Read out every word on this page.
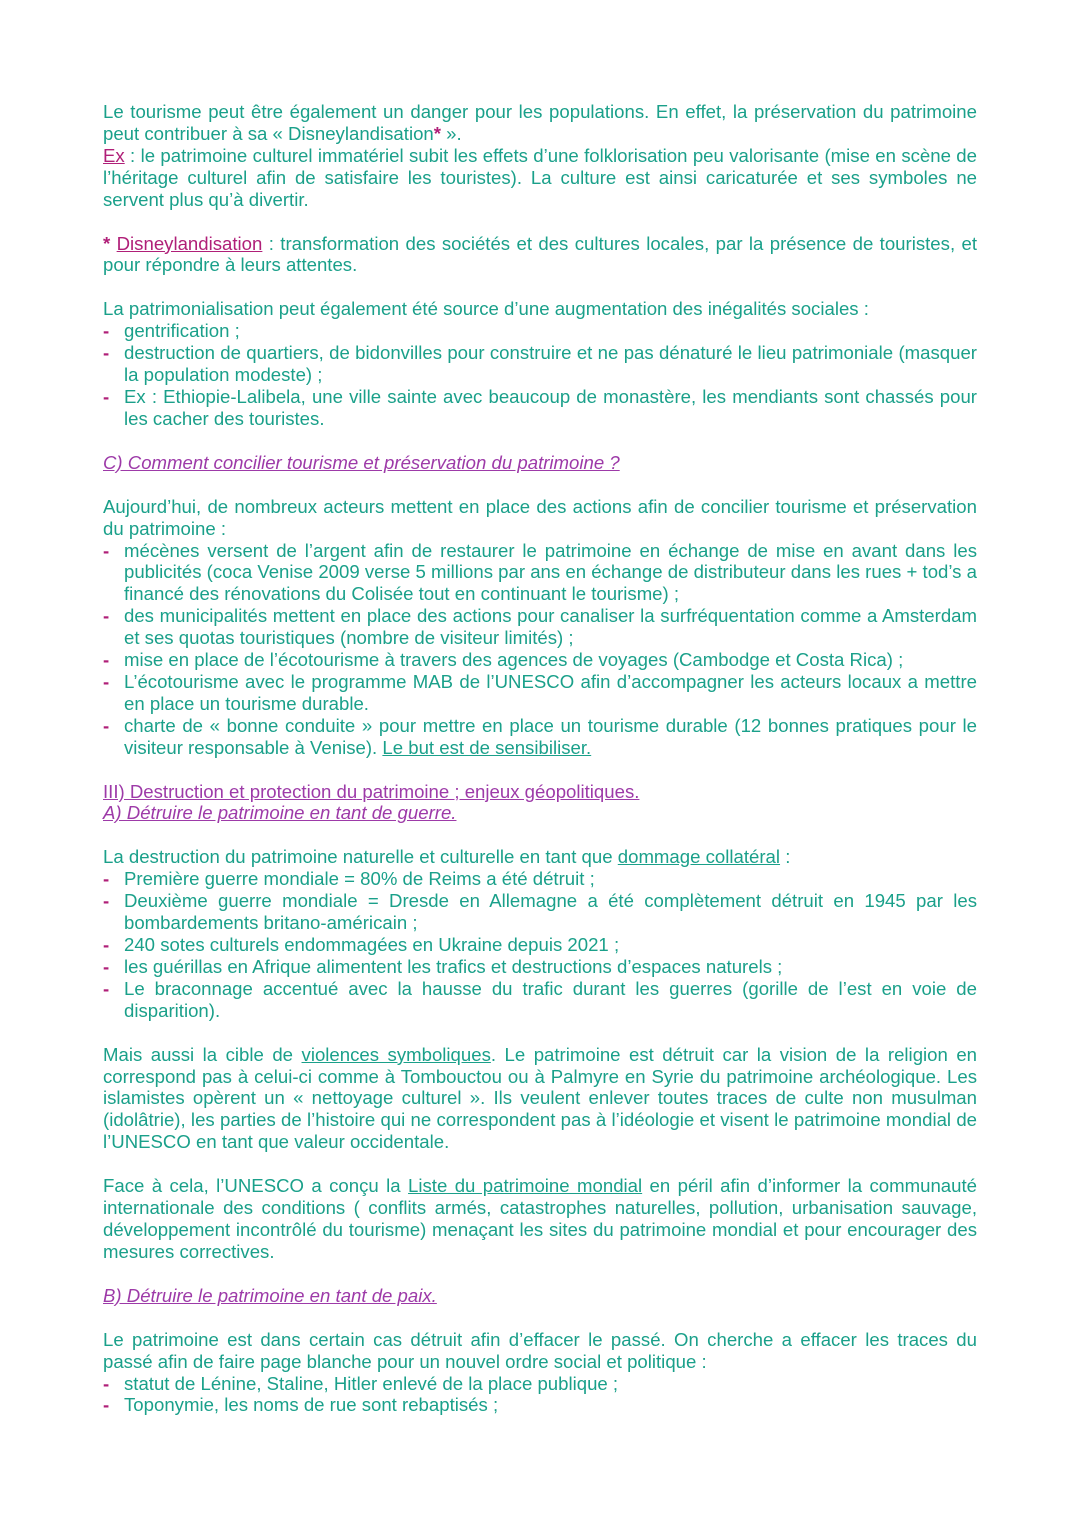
Le tourisme peut être également un danger pour les populations. En effet, la préservation du patrimoine peut contribuer à sa « Disneylandisation* ».
Ex : le patrimoine culturel immatériel subit les effets d’une folklorisation peu valorisante (mise en scène de l’héritage culturel afin de satisfaire les touristes). La culture est ainsi caricaturée et ses symboles ne servent plus qu’à divertir.

* Disneylandisation : transformation des sociétés et des cultures locales, par la présence de touristes, et pour répondre à leurs attentes.

La patrimonialisation peut également été source d’une augmentation des inégalités sociales :

- gentrification ;
- destruction de quartiers, de bidonvilles pour construire et ne pas dénaturé le lieu patrimoniale (masquer la population modeste) ;
- Ex : Ethiopie-Lalibela, une ville sainte avec beaucoup de monastère, les mendiants sont chassés pour les cacher des touristes.

C) Comment concilier tourisme et préservation du patrimoine ?

Aujourd’hui, de nombreux acteurs mettent en place des actions afin de concilier tourisme et préservation du patrimoine :

- mécènes versent de l’argent afin de restaurer le patrimoine en échange de mise en avant dans les publicités (coca Venise 2009 verse 5 millions par ans en échange de distributeur dans les rues + tod’s a financé des rénovations du Colisée tout en continuant le tourisme) ;
- des municipalités mettent en place des actions pour canaliser la surfréquentation comme a Amsterdam et ses quotas touristiques (nombre de visiteur limités) ;
- mise en place de l’écotourisme à travers des agences de voyages (Cambodge et Costa Rica) ;
- L’écotourisme avec le programme MAB de l’UNESCO afin d’accompagner les acteurs locaux a mettre en place un tourisme durable.
- charte de « bonne conduite » pour mettre en place un tourisme durable (12 bonnes pratiques pour le visiteur responsable à Venise). Le but est de sensibiliser.

III) Destruction et protection du patrimoine ; enjeux géopolitiques.

A) Détruire le patrimoine en tant de guerre.

La destruction du patrimoine naturelle et culturelle en tant que dommage collatéral :

- Première guerre mondiale = 80% de Reims a été détruit ;
- Deuxième guerre mondiale = Dresde en Allemagne a été complètement détruit en 1945 par les bombardements britano-américain ;
- 240 sotes culturels endommagées en Ukraine depuis 2021 ;
- les guérillas en Afrique alimentent les trafics et destructions d’espaces naturels ;
- Le braconnage accentué avec la hausse du trafic durant les guerres (gorille de l’est en voie de disparition).

Mais aussi la cible de violences symboliques. Le patrimoine est détruit car la vision de la religion en correspond pas à celui-ci comme à Tombouctou ou à Palmyre en Syrie du patrimoine archéologique. Les islamistes opèrent un « nettoyage culturel ». Ils veulent enlever toutes traces de culte non musulman (idolâtrie), les parties de l’histoire qui ne correspondent pas à l’idéologie et visent le patrimoine mondial de l’UNESCO en tant que valeur occidentale.

Face à cela, l’UNESCO a conçu la Liste du patrimoine mondial en péril afin d’informer la communauté internationale des conditions ( conflits armés, catastrophes naturelles, pollution, urbanisation sauvage, développement incontrôlé du tourisme) menaçant les sites du patrimoine mondial et pour encourager des mesures correctives.

B) Détruire le patrimoine en tant de paix.

Le patrimoine est dans certain cas détruit afin d’effacer le passé. On cherche a effacer les traces du passé afin de faire page blanche pour un nouvel ordre social et politique :

- statut de Lénine, Staline, Hitler enlevé de la place publique ;
- Toponymie, les noms de rue sont rebaptisés ;
